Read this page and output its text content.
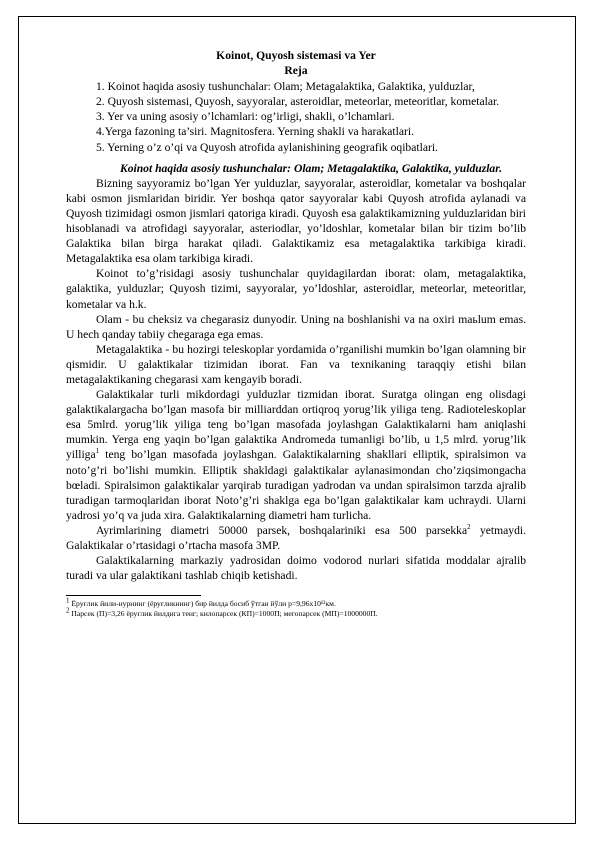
Koinot, Quyosh sistemasi va Yer

Reja

1. Koinot haqida asosiy tushunchalar: Olam; Metagalaktika, Galaktika, yulduzlar,

2. Quyosh sistemasi, Quyosh, sayyoralar, asteroidlar, meteorlar, meteoritlar, kometalar.

3. Yer va uning asosiy o’lchamlari: og’irligi, shakli, o’lchamlari.

4.Yerga fazoning ta’siri. Magnitosfera. Yerning shakli va harakatlari.

5. Yerning o’z o’qi va Quyosh atrofida aylanishining geografik oqibatlari.

Koinot haqida asosiy tushunchalar: Olam; Metagalaktika, Galaktika, yulduzlar.

Bizning sayyoramiz bo’lgan Yer yulduzlar, sayyoralar, asteroidlar, kometalar va boshqalar kabi osmon jismlaridan biridir. Yer boshqa qator sayyoralar kabi Quyosh atrofida aylanadi va Quyosh tizimidagi osmon jismlari qatoriga kiradi. Quyosh esa galaktikamizning yulduzlaridan biri hisoblanadi va atrofidagi sayyoralar, asteriodlar, yo’ldoshlar, kometalar bilan bir tizim bo’lib Galaktika bilan birga harakat qiladi. Galaktikamiz esa metagalaktika tarkibiga kiradi. Metagalaktika esa olam tarkibiga kiradi.

Koinot to’g’risidagi asosiy tushunchalar quyidagilardan iborat: olam, metagalaktika, galaktika, yulduzlar; Quyosh tizimi, sayyoralar, yo’ldoshlar, asteroidlar, meteorlar, meteoritlar, kometalar va h.k.

Olam - bu cheksiz va chegarasiz dunyodir. Uning na boshlanishi va na oxiri maьlum emas. U hech qanday tabiiy chegaraga ega emas.

Metagalaktika - bu hozirgi teleskoplar yordamida o’rganilishi mumkin bo’lgan olamning bir qismidir. U galaktikalar tizimidan iborat. Fan va texnikaning taraqqiy etishi bilan metagalaktikaning chegarasi xam kengayib boradi.

Galaktikalar turli mikdordagi yulduzlar tizmidan iborat. Suratga olingan eng olisdagi galaktikalargacha bo’lgan masofa bir milliarddan ortiqroq yorug’lik yiliga teng. Radioteleskoplar esa 5mlrd. yorug’lik yiliga teng bo’lgan masofada joylashgan Galaktikalarni ham aniqlashi mumkin. Yerga eng yaqin bo’lgan galaktika Andromeda tumanligi bo’lib, u 1,5 mlrd. yorug’lik yilliga$^1$ teng bo’lgan masofada joylashgan. Galaktikalarning shakllari elliptik, spiralsimon va noto’g’ri bo’lishi mumkin. Elliptik shakldagi galaktikalar aylanasimondan cho’ziqsimongacha bœladi. Spiralsimon galaktikalar yarqirab turadigan yadrodan va undan spiralsimon tarzda ajralib turadigan tarmoqlaridan iborat Noto’g’ri shaklga ega bo’lgan galaktikalar kam uchraydi. Ularni yadrosi yo’q va juda xira. Galaktikalarning diametri ham turlicha.

Ayrimlarining diametri 50000 parsek, boshqalariniki esa 500 parsekka$^2$ yetmaydi. Galaktikalar o’rtasidagi o’rtacha masofa 3MP.

Galaktikalarning markaziy yadrosidan doimo vodorod nurlari sifatida moddalar ajralib turadi va ular galaktikani tashlab chiqib ketishadi.

$^1$ Ёруғлик йили-нурнинг (ёруғликнинг) бир йилда босиб ўтган йўли р=9,96х10¹²км.

$^2$ Парсек (П)=3,26 ёруғлик йилдига тенг; килопарсек (КП)=1000П; мегопарсек (МП)=1000000П.
